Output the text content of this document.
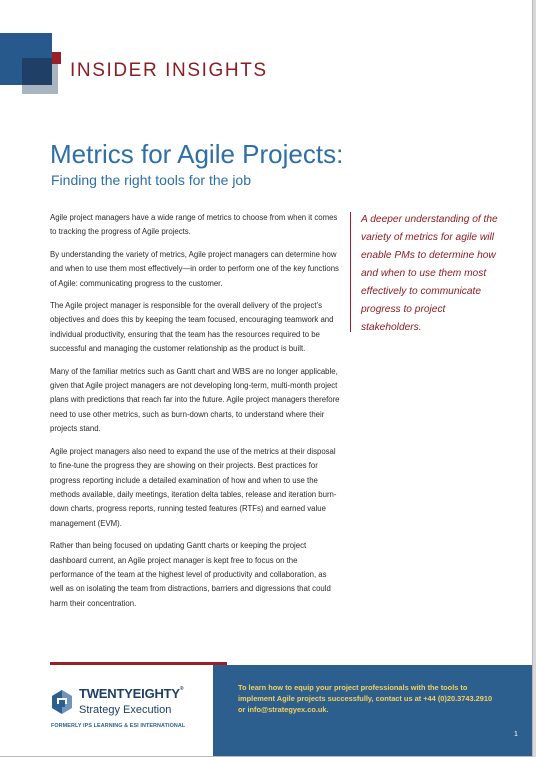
INSIDER INSIGHTS
Metrics for Agile Projects:
Finding the right tools for the job

Agile project managers have a wide range of metrics to choose from when it comes to tracking the progress of Agile projects.

By understanding the variety of metrics, Agile project managers can determine how and when to use them most effectively—in order to perform one of the key functions of Agile: communicating progress to the customer.

The Agile project manager is responsible for the overall delivery of the project’s objectives and does this by keeping the team focused, encouraging teamwork and individual productivity, ensuring that the team has the resources required to be successful and managing the customer relationship as the product is built.

Many of the familiar metrics such as Gantt chart and WBS are no longer applicable, given that Agile project managers are not developing long-term, multi-month project plans with predictions that reach far into the future. Agile project managers therefore need to use other metrics, such as burn-down charts, to understand where their projects stand.

Agile project managers also need to expand the use of the metrics at their disposal to fine-tune the progress they are showing on their projects. Best practices for progress reporting include a detailed examination of how and when to use the methods available, daily meetings, iteration delta tables, release and iteration burn-down charts, progress reports, running tested features (RTFs) and earned value management (EVM).

Rather than being focused on updating Gantt charts or keeping the project dashboard current, an Agile project manager is kept free to focus on the performance of the team at the highest level of productivity and collaboration, as well as on isolating the team from distractions, barriers and digressions that could harm their concentration.

A deeper understanding of the variety of metrics for agile will enable PMs to determine how and when to use them most effectively to communicate progress to project stakeholders.
TWENTYEIGHTY®
Strategy Execution
FORMERLY IPS LEARNING & ESI INTERNATIONAL
To learn how to equip your project professionals with the tools to implement Agile projects successfully, contact us at +44 (0)20.3743.2910 or info@strategyex.co.uk.
1
